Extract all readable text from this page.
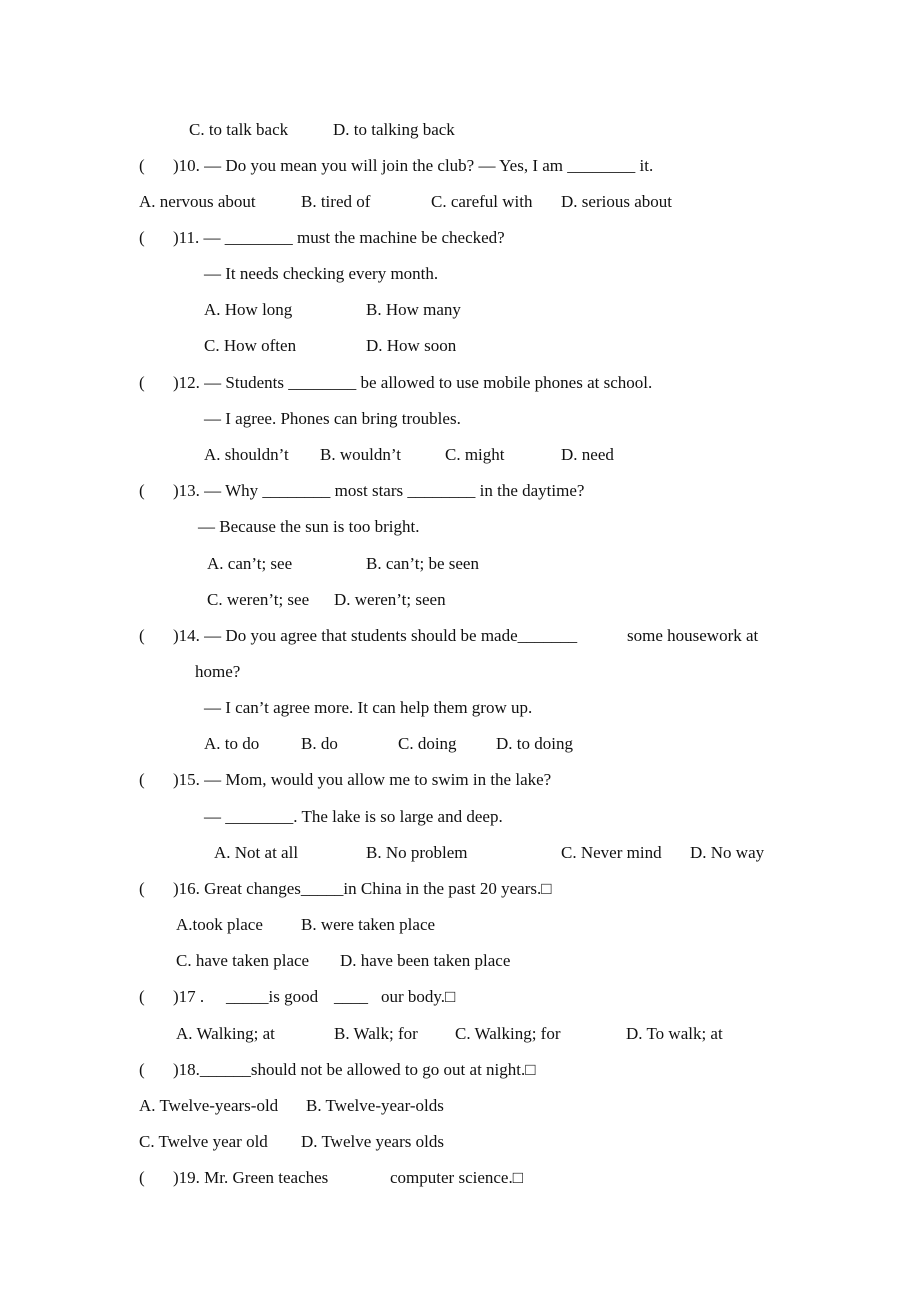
C. to talk back	D. to talking back
( )10. — Do you mean you will join the club? — Yes, I am ________ it.
A. nervous about	B. tired of	C. careful with D. serious about
( )11. — ________ must the machine be checked?
— It needs checking every month.
A. How long	B. How many
C. How often	D. How soon
( )12. — Students ________ be allowed to use mobile phones at school.
— I agree. Phones can bring troubles.
A. shouldn’t B. wouldn’t	C. might	D. need
( )13. — Why ________ most stars ________ in the daytime?
— Because the sun is too bright.
A. can’t; see	B. can’t; be seen
C. weren’t; see D. weren’t; seen
( )14. — Do you agree that students should be made_______	some housework at
home?
— I can’t agree more. It can help them grow up.
A. to do B. do	C. doing D. to doing
( )15. — Mom, would you allow me to swim in the lake?
— ________. The lake is so large and deep.
A. Not at all	B. No problem	C. Never mind D. No way
( )16. Great changes_____in China in the past 20 years.□
A.took place B. were taken place
C. have taken place D. have been taken place
( )17 . _____is good ____ our body.□
A. Walking; at	B. Walk; for C. Walking; for	D. To walk; at
( )18.______should not be allowed to go out at night.□
A. Twelve-years-old B. Twelve-year-olds
C. Twelve year old D. Twelve years olds
( )19. Mr. Green teaches	computer science.□
